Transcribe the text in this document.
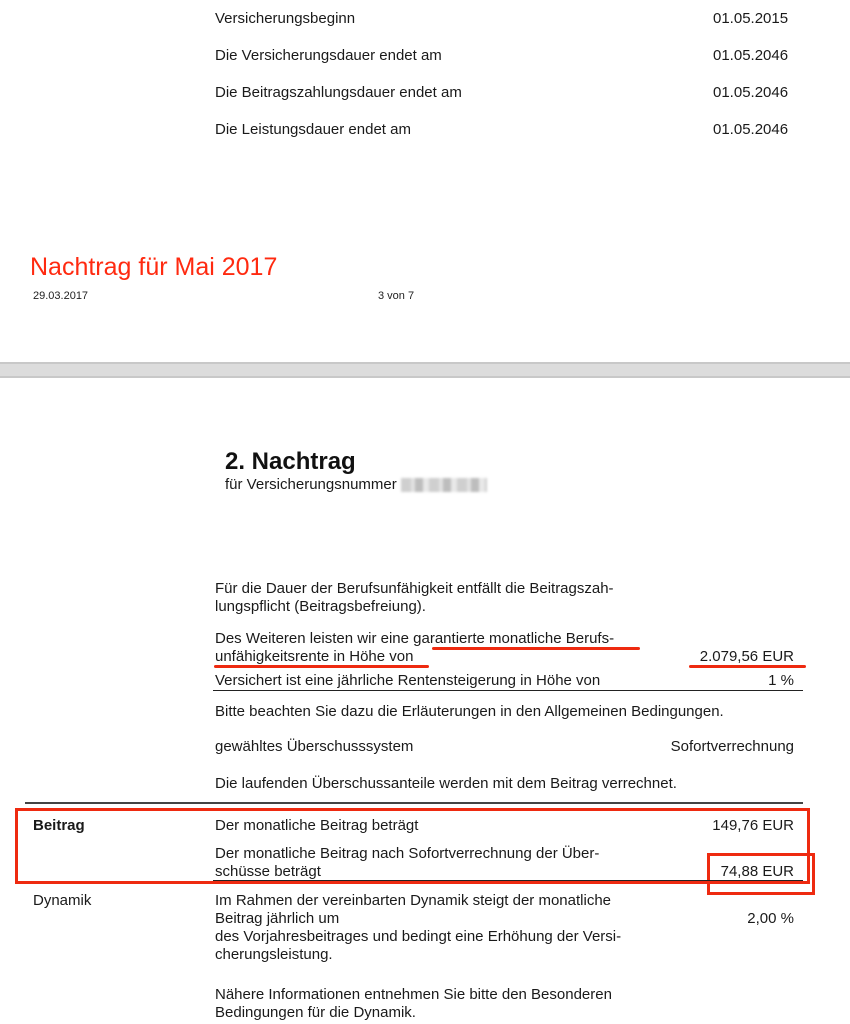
Versicherungsbeginn	01.05.2015
Die Versicherungsdauer endet am	01.05.2046
Die Beitragszahlungsdauer endet am	01.05.2046
Die Leistungsdauer endet am	01.05.2046
Nachtrag für Mai 2017
29.03.2017	3 von 7
2. Nachtrag
für Versicherungsnummer
Für die Dauer der Berufsunfähigkeit entfällt die Beitragszah-
lungspflicht (Beitragsbefreiung).
Des Weiteren leisten wir eine garantierte monatliche Berufs-
unfähigkeitsrente in Höhe von	2.079,56 EUR
Versichert ist eine jährliche Rentensteigerung in Höhe von	1 %
Bitte beachten Sie dazu die Erläuterungen in den Allgemeinen Bedingungen.
gewähltes Überschusssystem	Sofortverrechnung
Die laufenden Überschussanteile werden mit dem Beitrag verrechnet.
Beitrag	Der monatliche Beitrag beträgt	149,76 EUR
Der monatliche Beitrag nach Sofortverrechnung der Über-
schüsse beträgt	74,88 EUR
Dynamik	Im Rahmen der vereinbarten Dynamik steigt der monatliche
Beitrag jährlich um	2,00 %
des Vorjahresbeitrages und bedingt eine Erhöhung der Versi-
cherungsleistung.
Nähere Informationen entnehmen Sie bitte den Besonderen
Bedingungen für die Dynamik.
